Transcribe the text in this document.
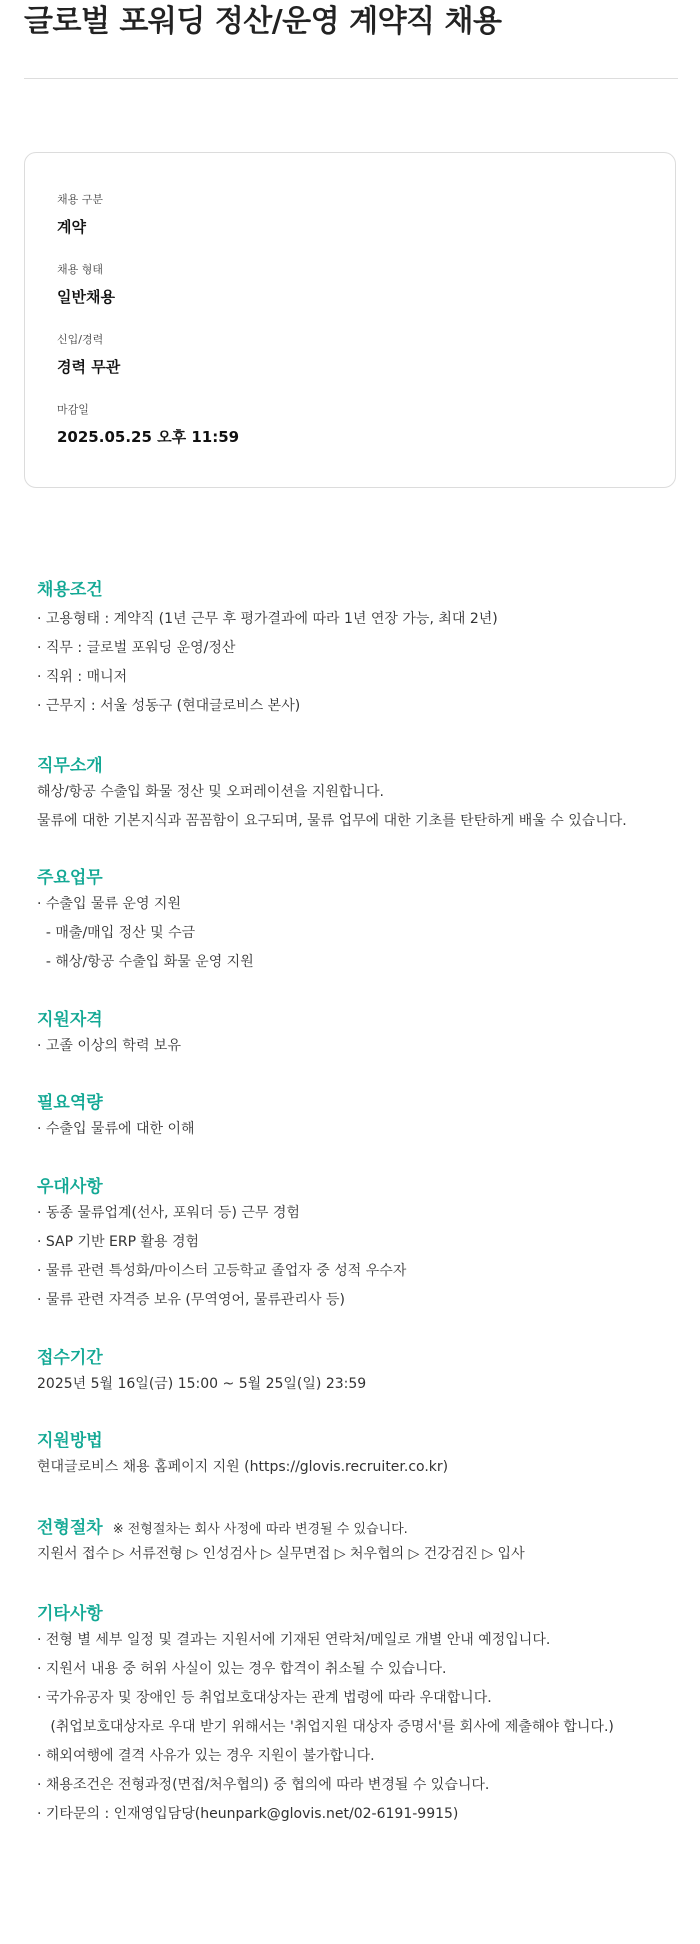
글로벌 포워딩 정산/운영 계약직 채용
채용 구분
계약
채용 형태
일반채용
신입/경력
경력 무관
마감일
2025.05.25 오후 11:59
채용조건
· 고용형태 : 계약직 (1년 근무 후 평가결과에 따라 1년 연장 가능, 최대 2년)
· 직무 : 글로벌 포워딩 운영/정산
· 직위 : 매니저
· 근무지 : 서울 성동구 (현대글로비스 본사)
직무소개
해상/항공 수출입 화물 정산 및 오퍼레이션을 지원합니다.
물류에 대한 기본지식과 꼼꼼함이 요구되며, 물류 업무에 대한 기초를 탄탄하게 배울 수 있습니다.
주요업무
· 수출입 물류 운영 지원
- 매출/매입 정산 및 수금
- 해상/항공 수출입 화물 운영 지원
지원자격
· 고졸 이상의 학력 보유
필요역량
· 수출입 물류에 대한 이해
우대사항
· 동종 물류업계(선사, 포워더 등) 근무 경험
· SAP 기반 ERP 활용 경험
· 물류 관련 특성화/마이스터 고등학교 졸업자 중 성적 우수자
· 물류 관련 자격증 보유 (무역영어, 물류관리사 등)
접수기간
2025년 5월 16일(금) 15:00 ~ 5월 25일(일) 23:59
지원방법
현대글로비스 채용 홈페이지 지원 (https://glovis.recruiter.co.kr)
전형절차 ※ 전형절차는 회사 사정에 따라 변경될 수 있습니다.
지원서 접수 ▷ 서류전형 ▷ 인성검사 ▷ 실무면접 ▷ 처우협의 ▷ 건강검진 ▷ 입사
기타사항
· 전형 별 세부 일정 및 결과는 지원서에 기재된 연락처/메일로 개별 안내 예정입니다.
· 지원서 내용 중 허위 사실이 있는 경우 합격이 취소될 수 있습니다.
· 국가유공자 및 장애인 등 취업보호대상자는 관계 법령에 따라 우대합니다.
(취업보호대상자로 우대 받기 위해서는 '취업지원 대상자 증명서'를 회사에 제출해야 합니다.)
· 해외여행에 결격 사유가 있는 경우 지원이 불가합니다.
· 채용조건은 전형과정(면접/처우협의) 중 협의에 따라 변경될 수 있습니다.
· 기타문의 : 인재영입담당(heunpark@glovis.net/02-6191-9915)
